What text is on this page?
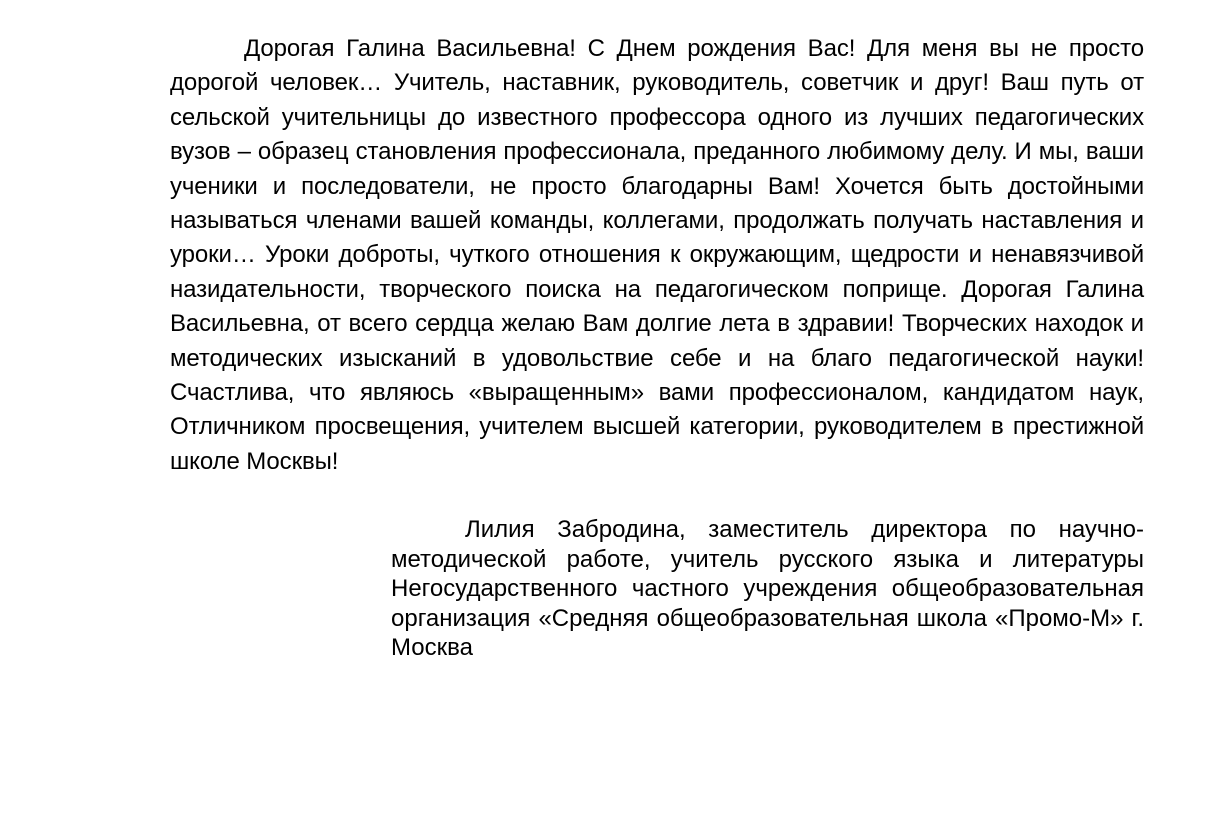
Дорогая Галина Васильевна! С Днем рождения Вас! Для меня вы не просто дорогой человек… Учитель, наставник, руководитель, советчик и друг! Ваш путь от сельской учительницы до известного профессора одного из лучших педагогических вузов – образец становления профессионала, преданного любимому делу. И мы, ваши ученики и последователи, не просто благодарны Вам! Хочется быть достойными называться членами вашей команды, коллегами, продолжать получать наставления и уроки… Уроки доброты, чуткого отношения к окружающим, щедрости и ненавязчивой назидательности, творческого поиска на педагогическом поприще. Дорогая Галина Васильевна, от всего сердца желаю Вам долгие лета в здравии! Творческих находок и методических изысканий в удовольствие себе и на благо педагогической науки! Счастлива, что являюсь «выращенным» вами профессионалом, кандидатом наук, Отличником просвещения, учителем высшей категории, руководителем в престижной школе Москвы!

Лилия Забродина, заместитель директора по научно-методической работе, учитель русского языка и литературы Негосударственного частного учреждения общеобразовательная организация «Средняя общеобразовательная школа «Промо-М» г. Москва
